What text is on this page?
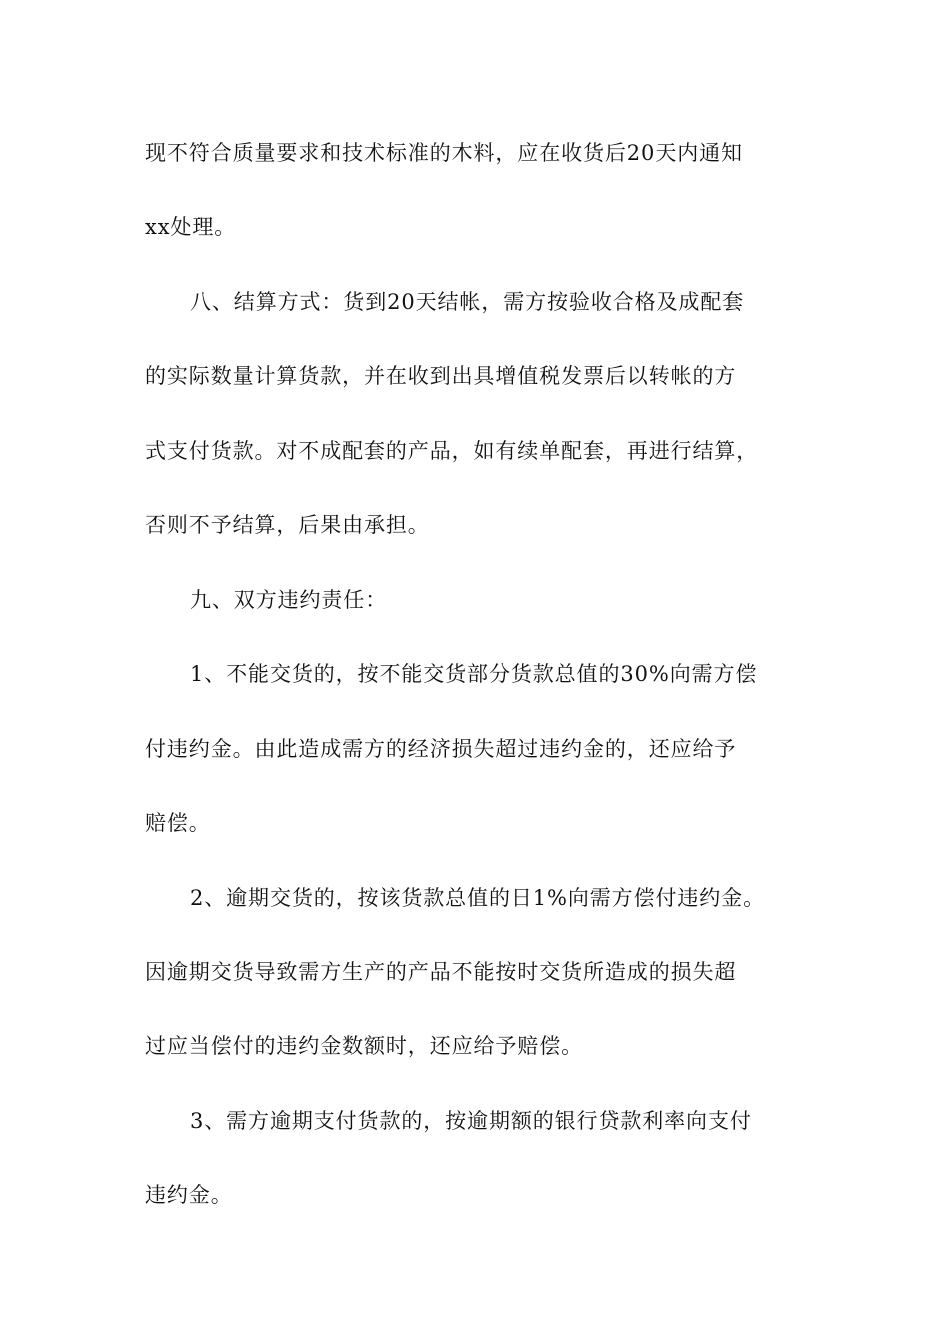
现不符合质量要求和技术标准的木料，应在收货后20天内通知
xx处理。
八、结算方式：货到20天结帐，需方按验收合格及成配套
的实际数量计算货款，并在收到出具增值税发票后以转帐的方
式支付货款。对不成配套的产品，如有续单配套，再进行结算，
否则不予结算，后果由承担。
九、双方违约责任：
1、不能交货的，按不能交货部分货款总值的30%向需方偿
付违约金。由此造成需方的经济损失超过违约金的，还应给予
赔偿。
2、逾期交货的，按该货款总值的日1%向需方偿付违约金。
因逾期交货导致需方生产的产品不能按时交货所造成的损失超
过应当偿付的违约金数额时，还应给予赔偿。
3、需方逾期支付货款的，按逾期额的银行贷款利率向支付
违约金。
